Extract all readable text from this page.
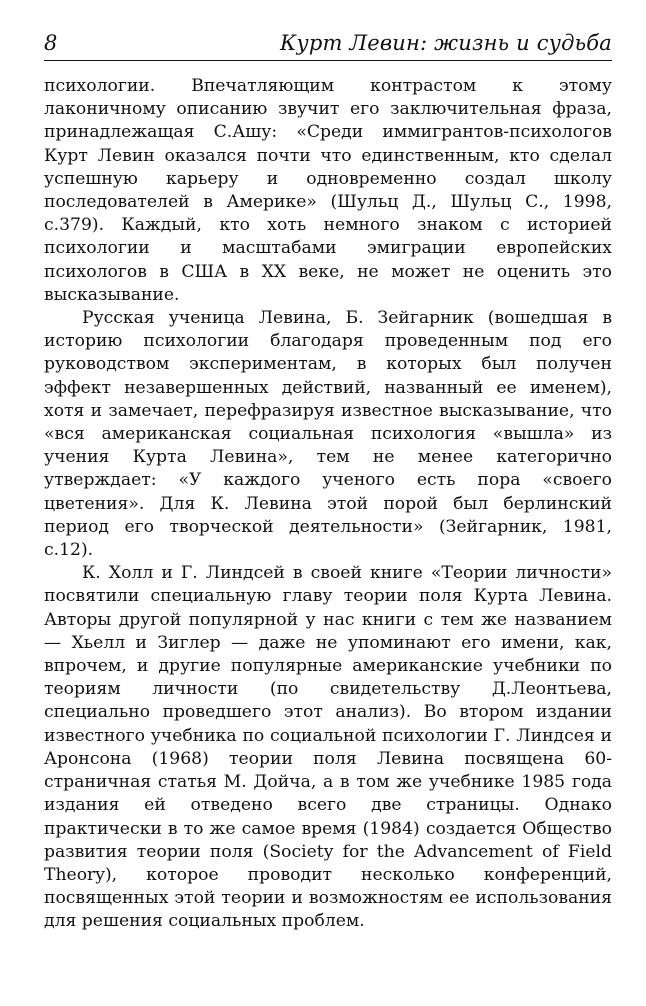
8	Курт Левин: жизнь и судьба

психологии. Впечатляющим контрастом к этому лаконичному описанию звучит его заключительная фраза, принадлежащая С.Ашу: «Среди иммигрантов-психологов Курт Левин оказался почти что единственным, кто сделал успешную карьеру и одновременно создал школу последователей в Америке» (Шульц Д., Шульц С., 1998, с.379). Каждый, кто хоть немного знаком с историей психологии и масштабами эмиграции европейских психологов в США в XX веке, не может не оценить это высказывание.

Русская ученица Левина, Б. Зейгарник (вошедшая в историю психологии благодаря проведенным под его руководством экспериментам, в которых был получен эффект незавершенных действий, названный ее именем), хотя и замечает, перефразируя известное высказывание, что «вся американская социальная психология «вышла» из учения Курта Левина», тем не менее категорично утверждает: «У каждого ученого есть пора «своего цветения». Для К. Левина этой порой был берлинский период его творческой деятельности» (Зейгарник, 1981, с.12).

К. Холл и Г. Линдсей в своей книге «Теории личности» посвятили специальную главу теории поля Курта Левина. Авторы другой популярной у нас книги с тем же названием — Хьелл и Зиглер — даже не упоминают его имени, как, впрочем, и другие популярные американские учебники по теориям личности (по свидетельству Д.Леонтьева, специально проведшего этот анализ). Во втором издании известного учебника по социальной психологии Г. Линдсея и Аронсона (1968) теории поля Левина посвящена 60-страничная статья М. Дойча, а в том же учебнике 1985 года издания ей отведено всего две страницы. Однако практически в то же самое время (1984) создается Общество развития теории поля (Society for the Advancement of Field Theory), которое проводит несколько конференций, посвященных этой теории и возможностям ее использования для решения социальных проблем.
